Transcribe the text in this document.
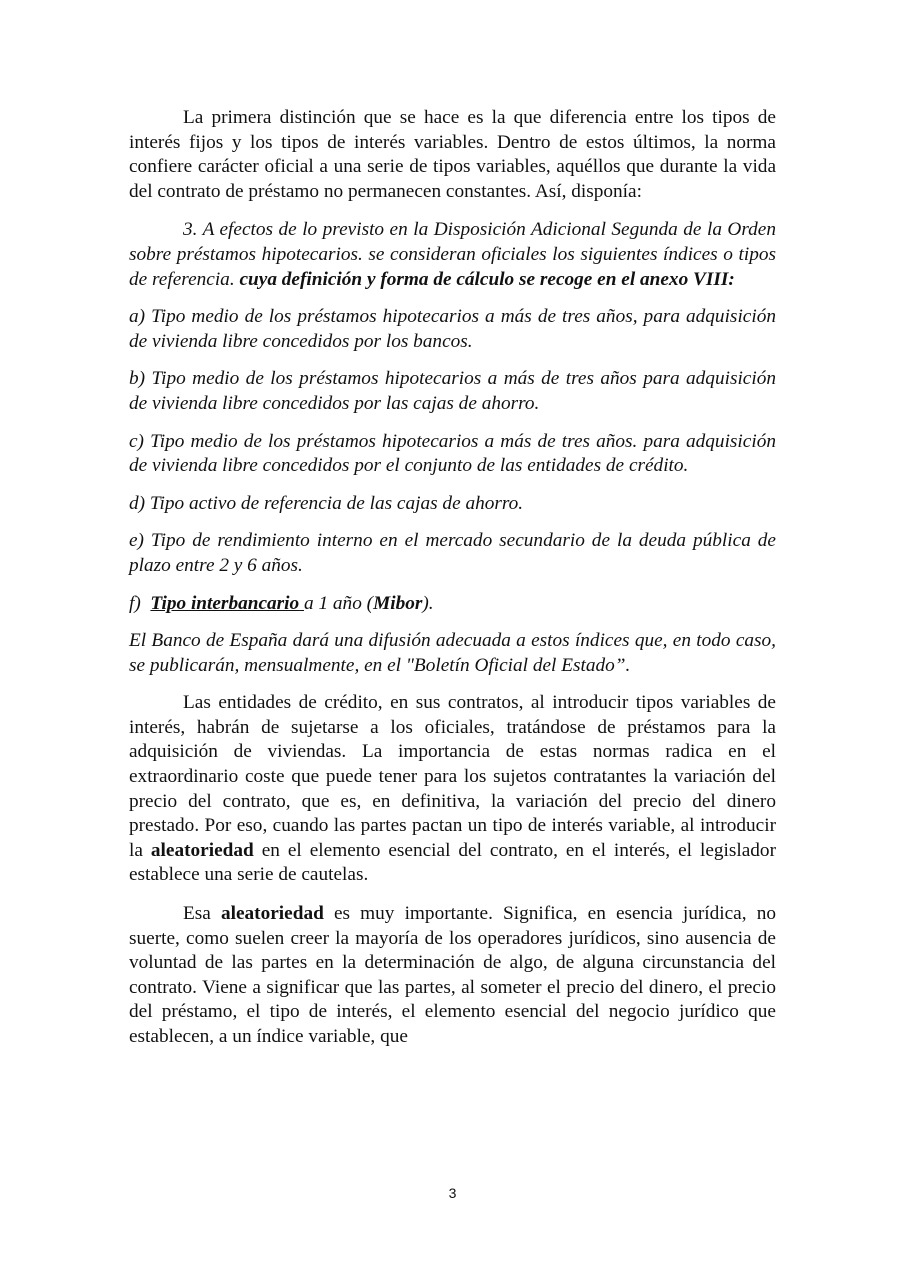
La primera distinción que se hace es la que diferencia entre los tipos de interés fijos y los tipos de interés variables. Dentro de estos últimos, la norma confiere carácter oficial a una serie de tipos variables, aquéllos que durante la vida del contrato de préstamo no permanecen constantes. Así, disponía:

3. A efectos de lo previsto en la Disposición Adicional Segunda de la Orden sobre préstamos hipotecarios. se consideran oficiales los siguientes índices o tipos de referencia. cuya definición y forma de cálculo se recoge en el anexo VIII:

a) Tipo medio de los préstamos hipotecarios a más de tres años, para adquisición de vivienda libre concedidos por los bancos.

b) Tipo medio de los préstamos hipotecarios a más de tres años para adquisición de vivienda libre concedidos por las cajas de ahorro.

c) Tipo medio de los préstamos hipotecarios a más de tres años. para adquisición de vivienda libre concedidos por el conjunto de las entidades de crédito.

d) Tipo activo de referencia de las cajas de ahorro.

e) Tipo de rendimiento interno en el mercado secundario de la deuda pública de plazo entre 2 y 6 años.

f) Tipo interbancario a 1 año (Mibor).

El Banco de España dará una difusión adecuada a estos índices que, en todo caso, se publicarán, mensualmente, en el "Boletín Oficial del Estado”.

Las entidades de crédito, en sus contratos, al introducir tipos variables de interés, habrán de sujetarse a los oficiales, tratándose de préstamos para la adquisición de viviendas. La importancia de estas normas radica en el extraordinario coste que puede tener para los sujetos contratantes la variación del precio del contrato, que es, en definitiva, la variación del precio del dinero prestado. Por eso, cuando las partes pactan un tipo de interés variable, al introducir la aleatoriedad en el elemento esencial del contrato, en el interés, el legislador establece una serie de cautelas.

Esa aleatoriedad es muy importante. Significa, en esencia jurídica, no suerte, como suelen creer la mayoría de los operadores jurídicos, sino ausencia de voluntad de las partes en la determinación de algo, de alguna circunstancia del contrato. Viene a significar que las partes, al someter el precio del dinero, el precio del préstamo, el tipo de interés, el elemento esencial del negocio jurídico que establecen, a un índice variable, que

3
